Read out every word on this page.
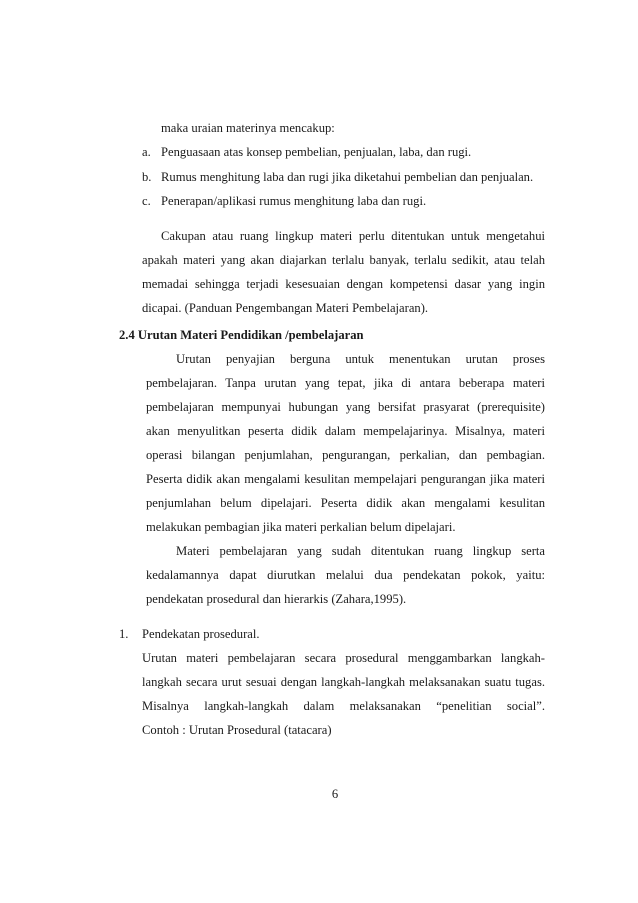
maka uraian materinya mencakup:
a. Penguasaan atas konsep pembelian, penjualan, laba, dan rugi.
b. Rumus menghitung laba dan rugi jika diketahui pembelian dan penjualan.
c. Penerapan/aplikasi rumus menghitung laba dan rugi.
Cakupan atau ruang lingkup materi perlu ditentukan untuk mengetahui
apakah materi yang akan diajarkan terlalu banyak, terlalu sedikit, atau telah
memadai sehingga terjadi kesesuaian dengan kompetensi dasar yang ingin
dicapai. (Panduan Pengembangan Materi Pembelajaran).
2.4 Urutan Materi Pendidikan /pembelajaran
Urutan penyajian berguna untuk menentukan urutan proses
pembelajaran. Tanpa urutan yang tepat, jika di antara beberapa materi
pembelajaran mempunyai hubungan yang bersifat prasyarat (prerequisite)
akan menyulitkan peserta didik dalam mempelajarinya. Misalnya, materi
operasi bilangan penjumlahan, pengurangan, perkalian, dan pembagian.
Peserta didik akan mengalami kesulitan mempelajari pengurangan jika materi
penjumlahan belum dipelajari. Peserta didik akan mengalami kesulitan
melakukan pembagian jika materi perkalian belum dipelajari.
Materi pembelajaran yang sudah ditentukan ruang lingkup serta
kedalamannya dapat diurutkan melalui dua pendekatan pokok, yaitu:
pendekatan prosedural dan hierarkis (Zahara,1995).
1. Pendekatan prosedural.
Urutan materi pembelajaran secara prosedural menggambarkan langkah-
langkah secara urut sesuai dengan langkah-langkah melaksanakan suatu tugas.
Misalnya langkah-langkah dalam melaksanakan “penelitian social”.
Contoh : Urutan Prosedural (tatacara)
6
